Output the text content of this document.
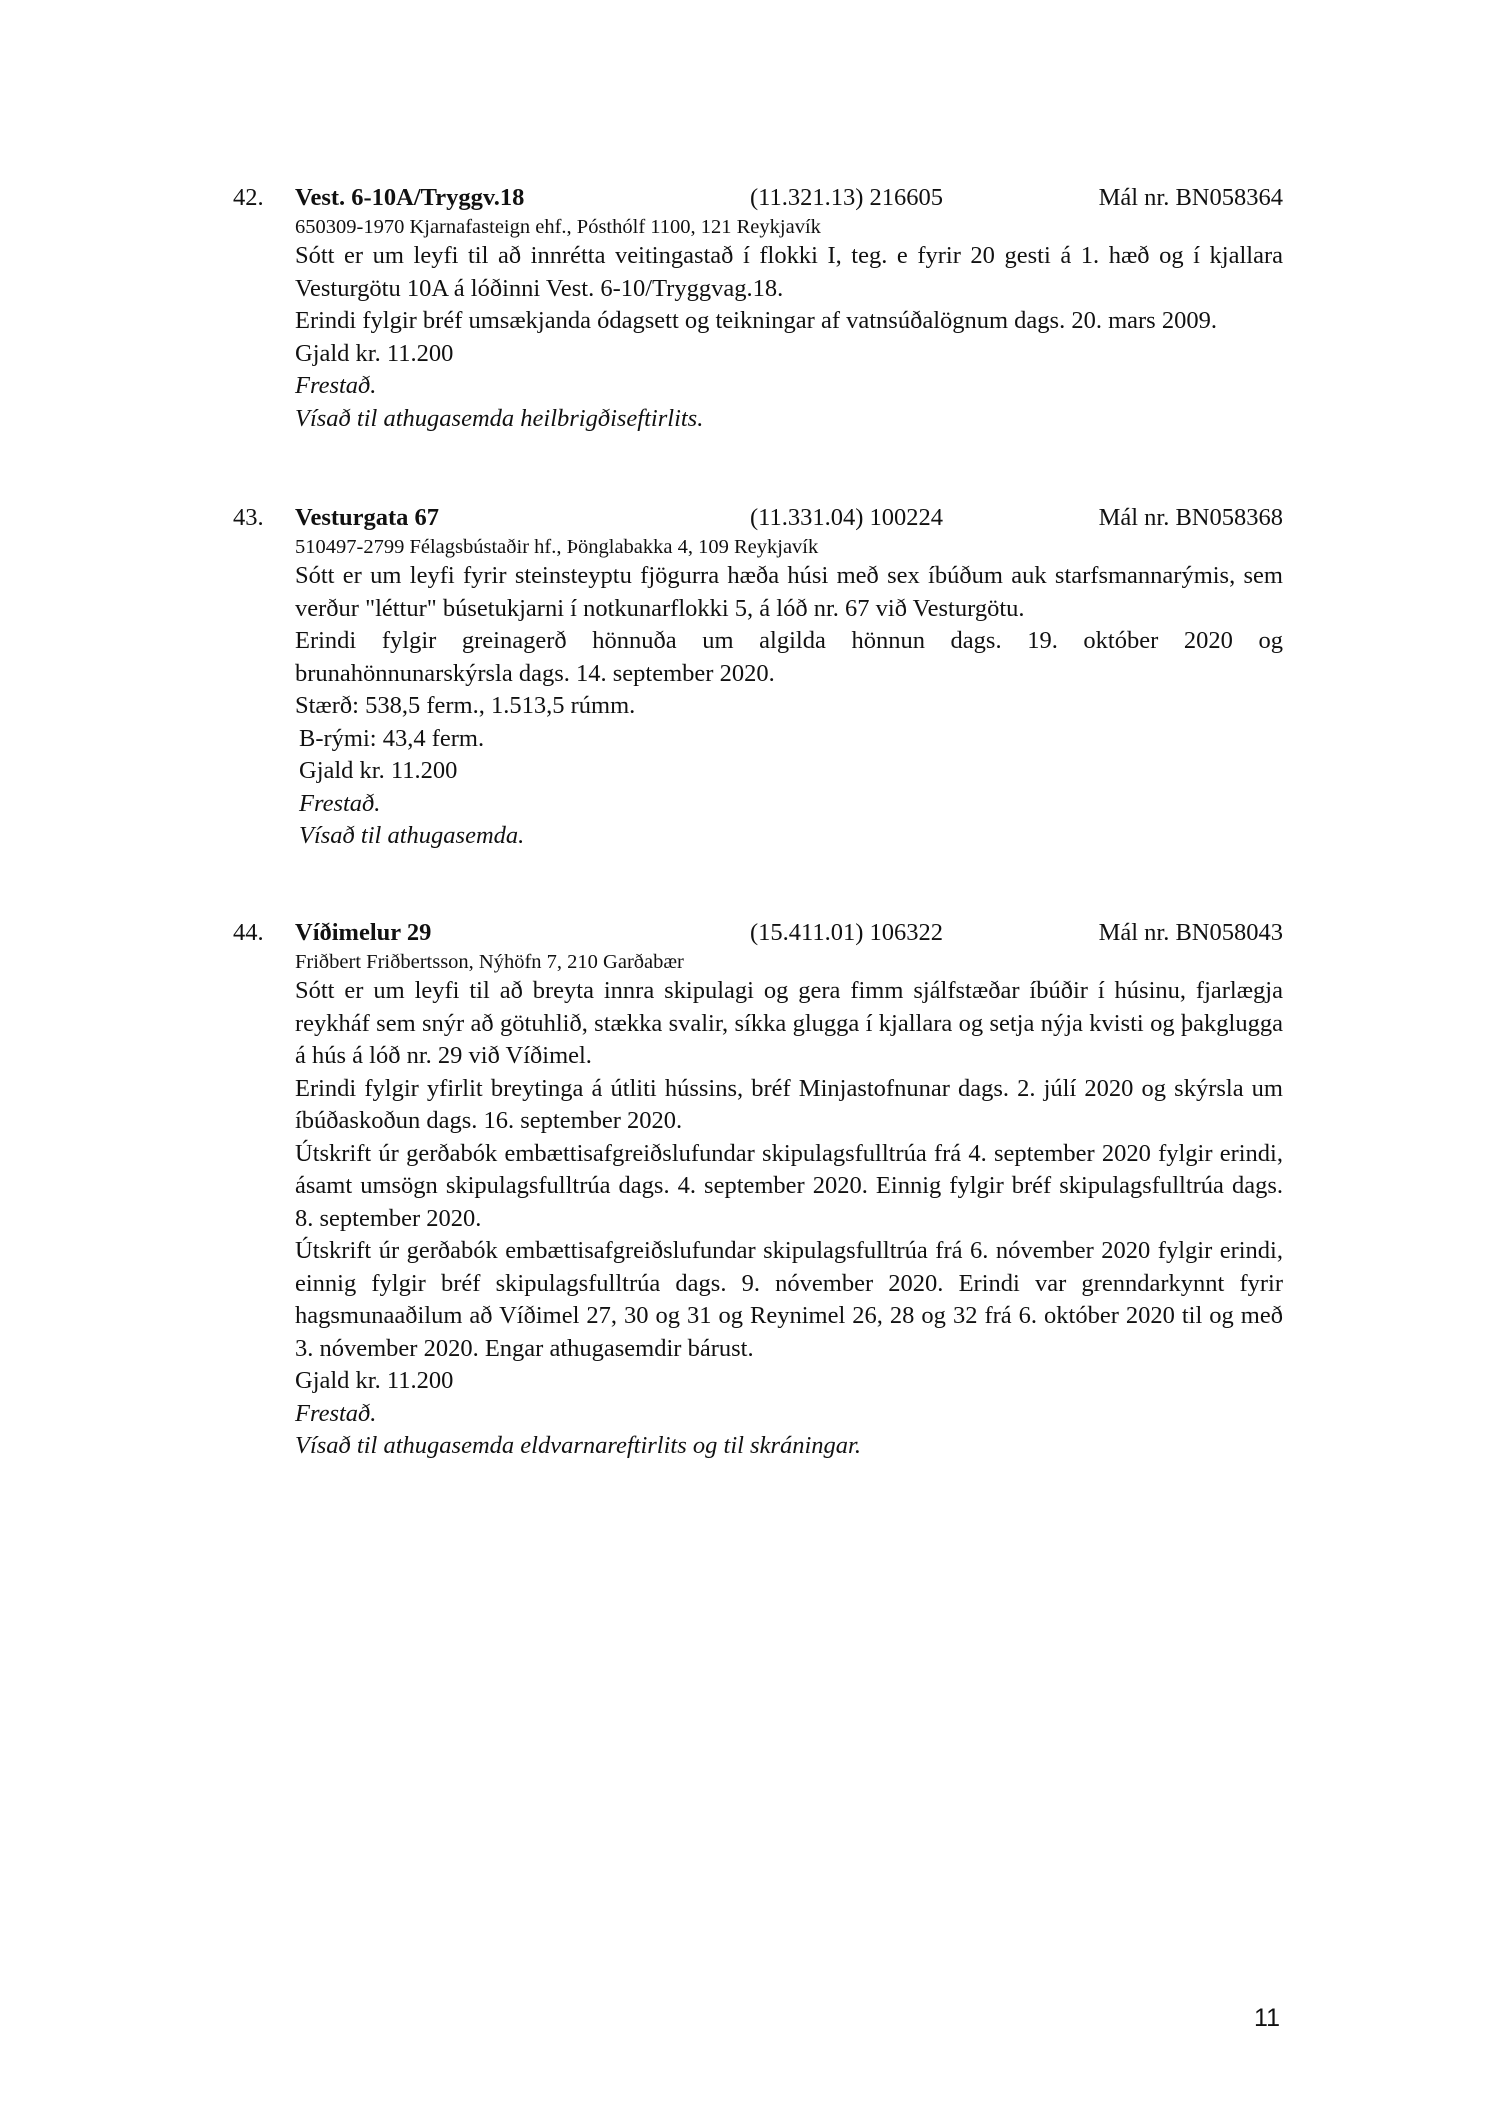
42. Vest. 6-10A/Tryggv.18	(11.321.13) 216605	Mál nr. BN058364
650309-1970 Kjarnafasteign ehf., Pósthólf 1100, 121 Reykjavík
Sótt er um leyfi til að innrétta veitingastað í flokki I, teg. e fyrir 20 gesti á 1. hæð og í kjallara Vesturgötu 10A á lóðinni Vest. 6-10/Tryggvag.18.
Erindi fylgir bréf umsækjanda ódagsett og teikningar af vatnsúðalögnum dags. 20. mars 2009.
Gjald kr. 11.200
Frestað.
Vísað til athugasemda heilbrigðiseftirlits.
43. Vesturgata 67	(11.331.04) 100224	Mál nr. BN058368
510497-2799 Félagsbústaðir hf., Þönglabakka 4, 109 Reykjavík
Sótt er um leyfi fyrir steinsteyptu fjögurra hæða húsi með sex íbúðum auk starfsmannarýmis, sem verður "léttur" búsetukjarni í notkunarflokki 5, á lóð nr. 67 við Vesturgötu.
Erindi fylgir greinagerð hönnuða um algilda hönnun dags. 19. október 2020 og brunahönnunarskýrsla dags. 14. september 2020.
Stærð: 538,5 ferm., 1.513,5 rúmm.
B-rými: 43,4 ferm.
Gjald kr. 11.200
Frestað.
Vísað til athugasemda.
44. Víðimelur 29	(15.411.01) 106322	Mál nr. BN058043
Friðbert Friðbertsson, Nýhöfn 7, 210 Garðabær
Sótt er um leyfi til að breyta innra skipulagi og gera fimm sjálfstæðar íbúðir í húsinu, fjarlægja reykháf sem snýr að götuhlið, stækka svalir, síkka glugga í kjallara og setja nýja kvisti og þakglugga á hús á lóð nr. 29 við Víðimel.
Erindi fylgir yfirlit breytinga á útliti hússins, bréf Minjastofnunar dags. 2. júlí 2020 og skýrsla um íbúðaskoðun dags. 16. september 2020.
Útskrift úr gerðabók embættisafgreiðslufundar skipulagsfulltrúa frá 4. september 2020 fylgir erindi, ásamt umsögn skipulagsfulltrúa dags. 4. september 2020. Einnig fylgir bréf skipulagsfulltrúa dags. 8. september 2020.
Útskrift úr gerðabók embættisafgreiðslufundar skipulagsfulltrúa frá 6. nóvember 2020 fylgir erindi, einnig fylgir bréf skipulagsfulltrúa dags. 9. nóvember 2020. Erindi var grenndarkynnt fyrir hagsmunaaðilum að Víðimel 27, 30 og 31 og Reynimel 26, 28 og 32 frá 6. október 2020 til og með 3. nóvember 2020. Engar athugasemdir bárust.
Gjald kr. 11.200
Frestað.
Vísað til athugasemda eldvarnareftirlits og til skráningar.
11
